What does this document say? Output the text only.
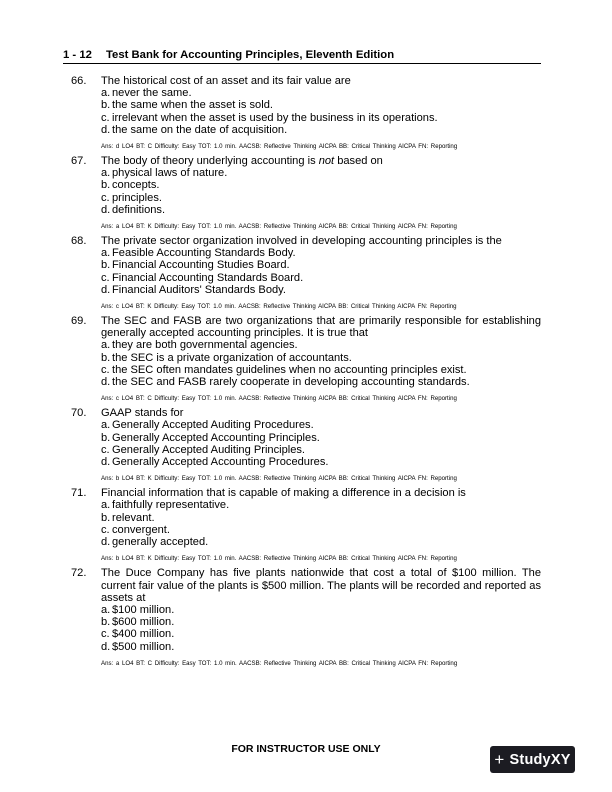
1 - 12 Test Bank for Accounting Principles, Eleventh Edition
66.	The historical cost of an asset and its fair value are
a. never the same.
b. the same when the asset is sold.
c. irrelevant when the asset is used by the business in its operations.
d. the same on the date of acquisition.
Ans: d LO4 BT: C Difficulty: Easy TOT: 1.0 min. AACSB: Reflective Thinking AICPA BB: Critical Thinking AICPA FN: Reporting
67.	The body of theory underlying accounting is not based on
a. physical laws of nature.
b. concepts.
c. principles.
d. definitions.
Ans: a LO4 BT: K Difficulty: Easy TOT: 1.0 min. AACSB: Reflective Thinking AICPA BB: Critical Thinking AICPA FN: Reporting
68.	The private sector organization involved in developing accounting principles is the
a. Feasible Accounting Standards Body.
b. Financial Accounting Studies Board.
c. Financial Accounting Standards Board.
d. Financial Auditors' Standards Body.
Ans: c LO4 BT: K Difficulty: Easy TOT: 1.0 min. AACSB: Reflective Thinking AICPA BB: Critical Thinking AICPA FN: Reporting
69.	The SEC and FASB are two organizations that are primarily responsible for establishing generally accepted accounting principles. It is true that
a. they are both governmental agencies.
b. the SEC is a private organization of accountants.
c. the SEC often mandates guidelines when no accounting principles exist.
d. the SEC and FASB rarely cooperate in developing accounting standards.
Ans: c LO4 BT: C Difficulty: Easy TOT: 1.0 min. AACSB: Reflective Thinking AICPA BB: Critical Thinking AICPA FN: Reporting
70.	GAAP stands for
a. Generally Accepted Auditing Procedures.
b. Generally Accepted Accounting Principles.
c. Generally Accepted Auditing Principles.
d. Generally Accepted Accounting Procedures.
Ans: b LO4 BT: K Difficulty: Easy TOT: 1.0 min. AACSB: Reflective Thinking AICPA BB: Critical Thinking AICPA FN: Reporting
71.	Financial information that is capable of making a difference in a decision is
a. faithfully representative.
b. relevant.
c. convergent.
d. generally accepted.
Ans: b LO4 BT: K Difficulty: Easy TOT: 1.0 min. AACSB: Reflective Thinking AICPA BB: Critical Thinking AICPA FN: Reporting
72.	The Duce Company has five plants nationwide that cost a total of $100 million. The current fair value of the plants is $500 million. The plants will be recorded and reported as assets at
a. $100 million.
b. $600 million.
c. $400 million.
d. $500 million.
Ans: a LO4 BT: C Difficulty: Easy TOT: 1.0 min. AACSB: Reflective Thinking AICPA BB: Critical Thinking AICPA FN: Reporting
FOR INSTRUCTOR USE ONLY
+ StudyXY
